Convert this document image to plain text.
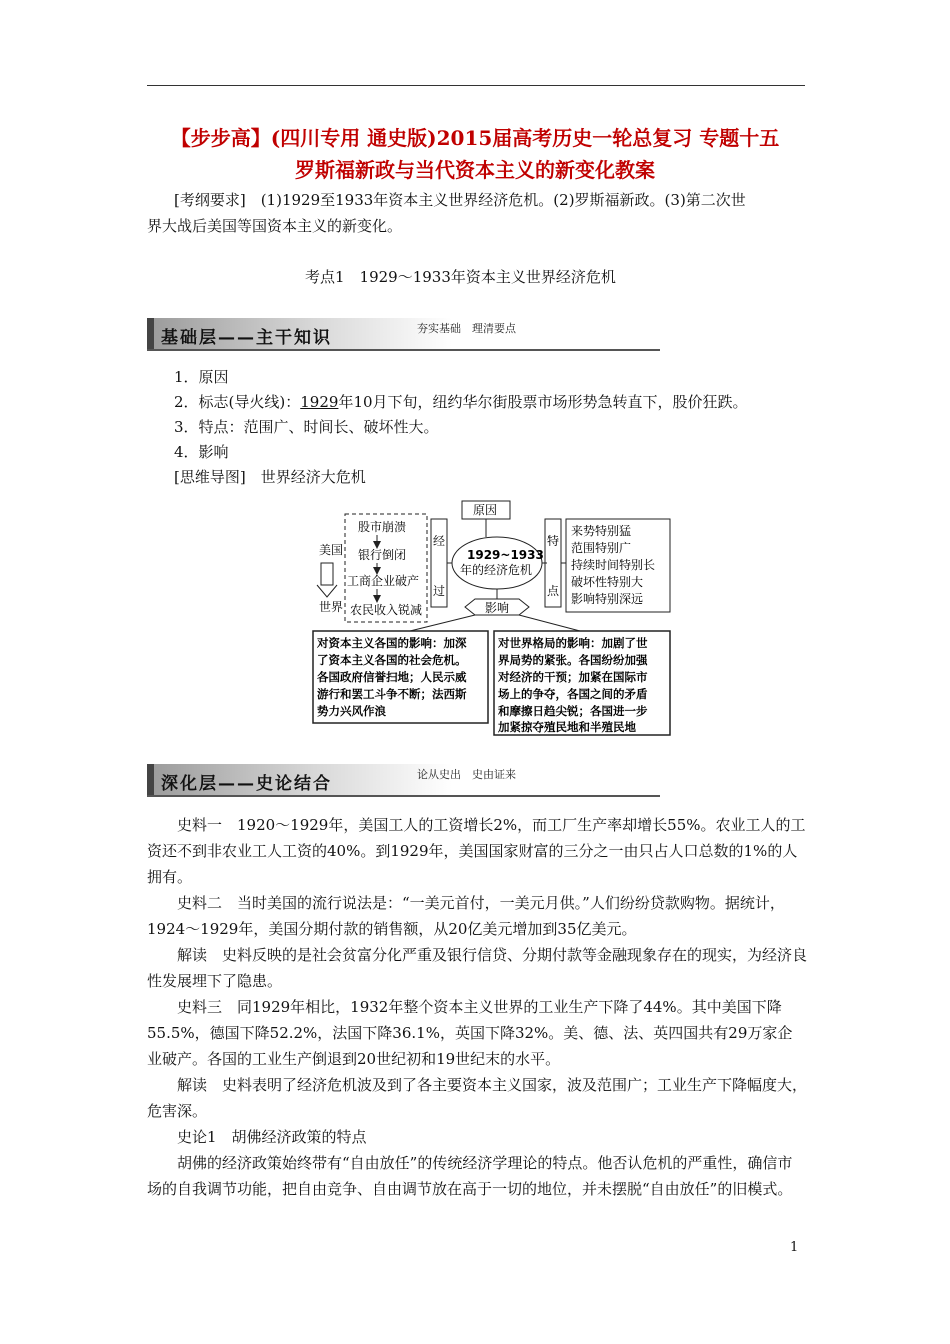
【步步高】(四川专用 通史版)2015届高考历史一轮总复习 专题十五
罗斯福新政与当代资本主义的新变化教案
[考纲要求]　(1)1929至1933年资本主义世界经济危机。(2)罗斯福新政。(3)第二次世
界大战后美国等国资本主义的新变化。
考点1　1929～1933年资本主义世界经济危机
基础层——主干知识	夯实基础　理清要点
1．原因
2．标志(导火线)：1929年10月下旬，纽约华尔街股票市场形势急转直下，股价狂跌。
3．特点：范围广、时间长、破坏性大。
4．影响
[思维导图]　世界经济大危机
美国
世界
股市崩溃
银行倒闭
工商企业破产
农民收入锐减
经
过
原因
1929~1933
年的经济危机
特
点
来势特别猛
范围特别广
持续时间特别长
破坏性特别大
影响特别深远
影响
对资本主义各国的影响：加深
了资本主义各国的社会危机。
各国政府信誉扫地；人民示威
游行和罢工斗争不断；法西斯
势力兴风作浪
对世界格局的影响：加剧了世
界局势的紧张。各国纷纷加强
对经济的干预；加紧在国际市
场上的争夺，各国之间的矛盾
和摩擦日趋尖锐；各国进一步
加紧掠夺殖民地和半殖民地
深化层——史论结合	论从史出　史由证来

史料一　1920～1929年，美国工人的工资增长2%，而工厂生产率却增长55%。农业工人的工资还不到非农业工人工资的40%。到1929年，美国国家财富的三分之一由只占人口总数的1%的人拥有。

史料二　当时美国的流行说法是：“一美元首付，一美元月供。”人们纷纷贷款购物。据统计，1924～1929年，美国分期付款的销售额，从20亿美元增加到35亿美元。

解读　史料反映的是社会贫富分化严重及银行信贷、分期付款等金融现象存在的现实，为经济良性发展埋下了隐患。

史料三　同1929年相比，1932年整个资本主义世界的工业生产下降了44%。其中美国下降55.5%，德国下降52.2%，法国下降36.1%，英国下降32%。美、德、法、英四国共有29万家企业破产。各国的工业生产倒退到20世纪初和19世纪末的水平。

解读　史料表明了经济危机波及到了各主要资本主义国家，波及范围广；工业生产下降幅度大，危害深。

史论1　胡佛经济政策的特点

胡佛的经济政策始终带有“自由放任”的传统经济学理论的特点。他否认危机的严重性，确信市场的自我调节功能，把自由竞争、自由调节放在高于一切的地位，并未摆脱“自由放任”的旧模式。

1
